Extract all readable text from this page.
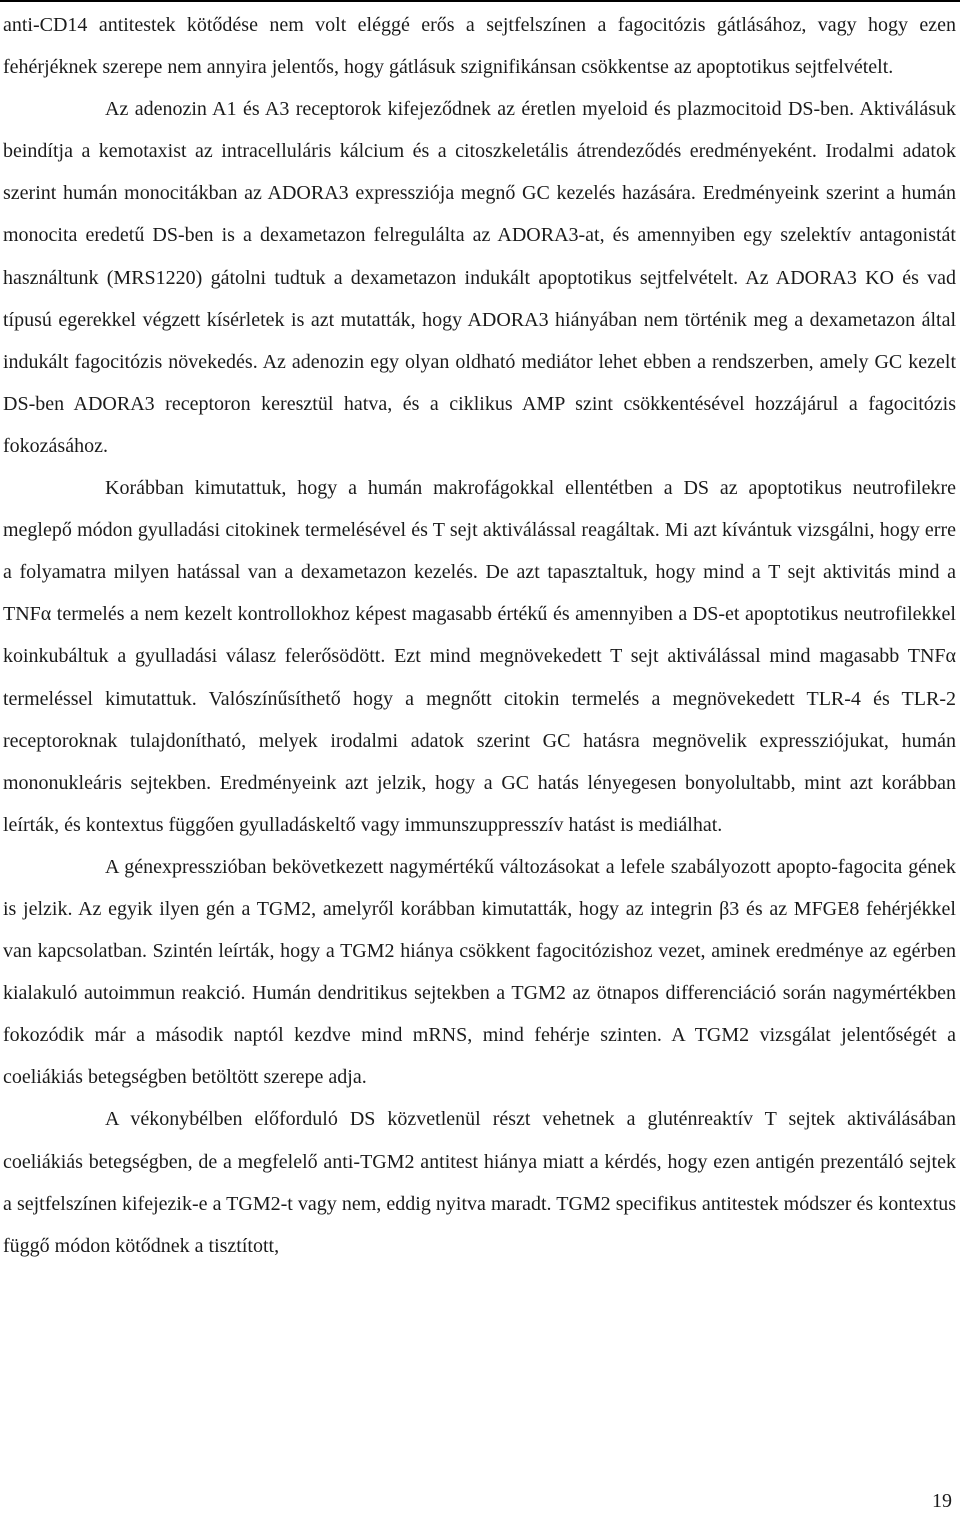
anti-CD14 antitestek kötődése nem volt eléggé erős a sejtfelszínen a fagocitózis gátlásához, vagy hogy ezen fehérjéknek szerepe nem annyira jelentős, hogy gátlásuk szignifikánsan csökkentse az apoptotikus sejtfelvételt.

Az adenozin A1 és A3 receptorok kifejeződnek az éretlen myeloid és plazmocitoid DS-ben. Aktiválásuk beindítja a kemotaxist az intracelluláris kálcium és a citoszkeletális átrendeződés eredményeként. Irodalmi adatok szerint humán monocitákban az ADORA3 expressziója megnő GC kezelés hazására. Eredményeink szerint a humán monocita eredetű DS-ben is a dexametazon felregulálta az ADORA3-at, és amennyiben egy szelektív antagonistát használtunk (MRS1220) gátolni tudtuk a dexametazon indukált apoptotikus sejtfelvételt. Az ADORA3 KO és vad típusú egerekkel végzett kísérletek is azt mutatták, hogy ADORA3 hiányában nem történik meg a dexametazon által indukált fagocitózis növekedés. Az adenozin egy olyan oldható mediátor lehet ebben a rendszerben, amely GC kezelt DS-ben ADORA3 receptoron keresztül hatva, és a ciklikus AMP szint csökkentésével hozzájárul a fagocitózis fokozásához.

Korábban kimutattuk, hogy a humán makrofágokkal ellentétben a DS az apoptotikus neutrofilekre meglepő módon gyulladási citokinek termelésével és T sejt aktiválással reagáltak. Mi azt kívántuk vizsgálni, hogy erre a folyamatra milyen hatással van a dexametazon kezelés. De azt tapasztaltuk, hogy mind a T sejt aktivitás mind a TNFα termelés a nem kezelt kontrollokhoz képest magasabb értékű és amennyiben a DS-et apoptotikus neutrofilekkel koinkubáltuk a gyulladási válasz felerősödött. Ezt mind megnövekedett T sejt aktiválással mind magasabb TNFα termeléssel kimutattuk. Valószínűsíthető hogy a megnőtt citokin termelés a megnövekedett TLR-4 és TLR-2 receptoroknak tulajdonítható, melyek irodalmi adatok szerint GC hatásra megnövelik expressziójukat, humán mononukleáris sejtekben. Eredményeink azt jelzik, hogy a GC hatás lényegesen bonyolultabb, mint azt korábban leírták, és kontextus függően gyulladáskeltő vagy immunszuppresszív hatást is mediálhat.

A génexpresszióban bekövetkezett nagymértékű változásokat a lefele szabályozott apopto-fagocita gének is jelzik. Az egyik ilyen gén a TGM2, amelyről korábban kimutatták, hogy az integrin β3 és az MFGE8 fehérjékkel van kapcsolatban. Szintén leírták, hogy a TGM2 hiánya csökkent fagocitózishoz vezet, aminek eredménye az egérben kialakuló autoimmun reakció. Humán dendritikus sejtekben a TGM2 az ötnapos differenciáció során nagymértékben fokozódik már a második naptól kezdve mind mRNS, mind fehérje szinten. A TGM2 vizsgálat jelentőségét a coeliákiás betegségben betöltött szerepe adja.

A vékonybélben előforduló DS közvetlenül részt vehetnek a gluténreaktív T sejtek aktiválásában coeliákiás betegségben, de a megfelelő anti-TGM2 antitest hiánya miatt a kérdés, hogy ezen antigén prezentáló sejtek a sejtfelszínen kifejezik-e a TGM2-t vagy nem, eddig nyitva maradt. TGM2 specifikus antitestek módszer és kontextus függő módon kötődnek a tisztított,

19
